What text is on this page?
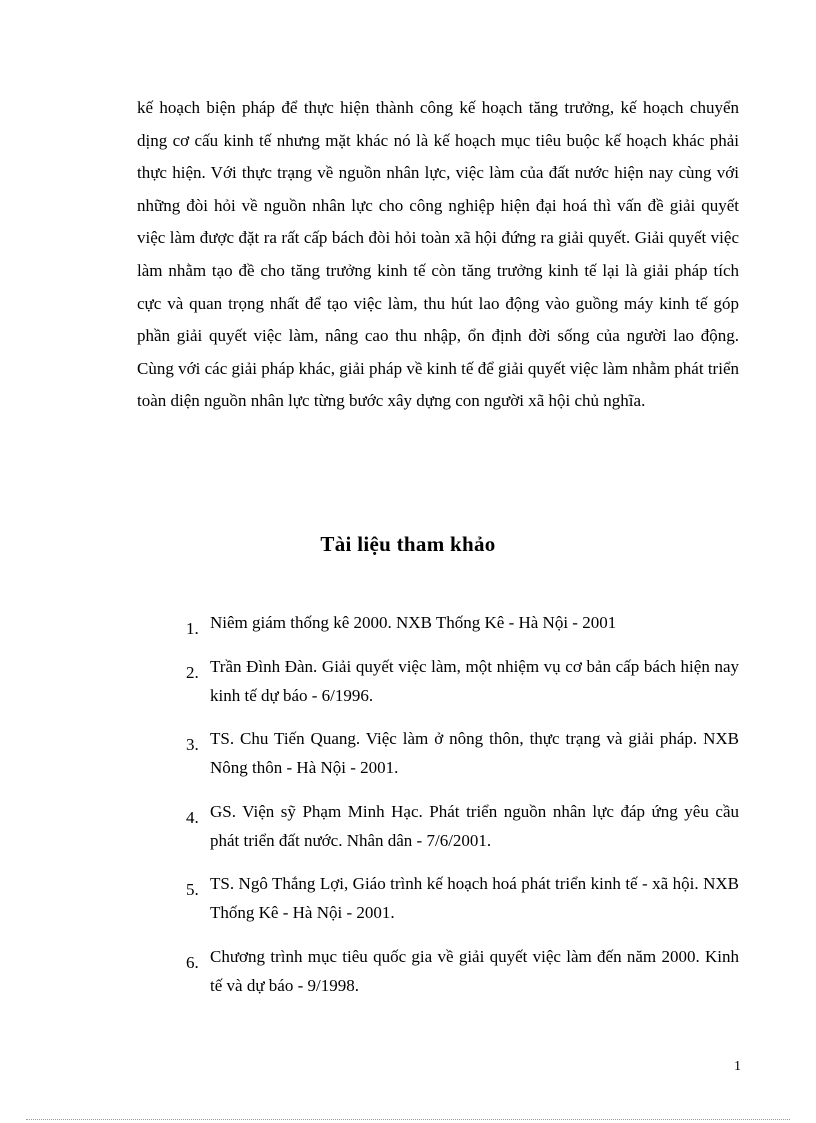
kế hoạch biện pháp để thực hiện thành công kế hoạch tăng trưởng, kế hoạch chuyển dịng cơ cấu kinh tế nhưng mặt khác nó là kế hoạch mục tiêu buộc kế hoạch khác phải thực hiện. Với thực trạng về nguồn nhân lực, việc làm của đất nước hiện nay cùng với những đòi hỏi về nguồn nhân lực cho công nghiệp hiện đại hoá thì vấn đề giải quyết việc làm được đặt ra rất cấp bách đòi hỏi toàn xã hội đứng ra giải quyết. Giải quyết việc làm nhằm tạo đề cho tăng trưởng kinh tế còn tăng trưởng kinh tế lại là giải pháp tích cực và quan trọng nhất để tạo việc làm, thu hút lao động vào guồng máy kinh tế góp phần giải quyết việc làm, nâng cao thu nhập, ổn định đời sống của người lao động. Cùng với các giải pháp khác, giải pháp về kinh tế để giải quyết việc làm nhằm phát triển toàn diện nguồn nhân lực từng bước xây dựng con người xã hội chủ nghĩa.

Tài liệu tham khảo
1. Niêm giám thống kê 2000. NXB Thống Kê - Hà Nội - 2001
2. Trần Đình Đàn. Giải quyết việc làm, một nhiệm vụ cơ bản cấp bách hiện nay kinh tế dự báo - 6/1996.
3. TS. Chu Tiến Quang. Việc làm ở nông thôn, thực trạng và giải pháp. NXB Nông thôn - Hà Nội - 2001.
4. GS. Viện sỹ Phạm Minh Hạc. Phát triển nguồn nhân lực đáp ứng yêu cầu phát triển đất nước. Nhân dân - 7/6/2001.
5. TS. Ngô Thắng Lợi, Giáo trình kế hoạch hoá phát triển kinh tế - xã hội. NXB Thống Kê - Hà Nội - 2001.
6. Chương trình mục tiêu quốc gia về giải quyết việc làm đến năm 2000. Kinh tế và dự báo - 9/1998.
1
